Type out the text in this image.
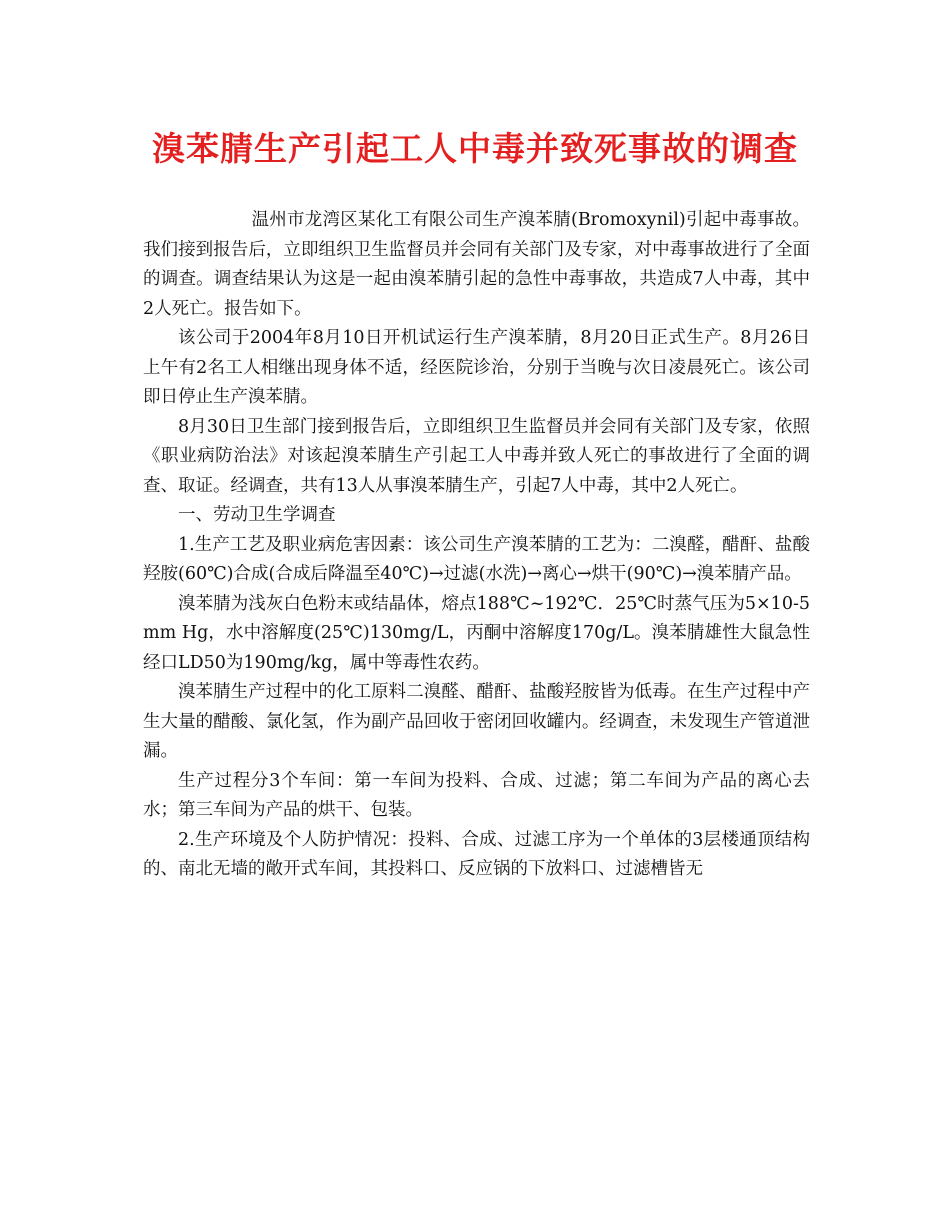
溴苯腈生产引起工人中毒并致死事故的调查

温州市龙湾区某化工有限公司生产溴苯腈(Bromoxynil)引起中毒事故。我们接到报告后，立即组织卫生监督员并会同有关部门及专家，对中毒事故进行了全面的调查。调查结果认为这是一起由溴苯腈引起的急性中毒事故，共造成7人中毒，其中2人死亡。报告如下。

该公司于2004年8月10日开机试运行生产溴苯腈，8月20日正式生产。8月26日上午有2名工人相继出现身体不适，经医院诊治，分别于当晚与次日凌晨死亡。该公司即日停止生产溴苯腈。

8月30日卫生部门接到报告后，立即组织卫生监督员并会同有关部门及专家，依照《职业病防治法》对该起溴苯腈生产引起工人中毒并致人死亡的事故进行了全面的调查、取证。经调查，共有13人从事溴苯腈生产，引起7人中毒，其中2人死亡。

一、劳动卫生学调查

1.生产工艺及职业病危害因素：该公司生产溴苯腈的工艺为：二溴醛，醋酐、盐酸羟胺(60℃)合成(合成后降温至40℃)→过滤(水洗)→离心→烘干(90℃)→溴苯腈产品。

溴苯腈为浅灰白色粉末或结晶体，熔点188℃~192℃．25℃时蒸气压为5×10-5mm Hg，水中溶解度(25℃)130mg/L，丙酮中溶解度170g/L。溴苯腈雄性大鼠急性经口LD50为190mg/kg，属中等毒性农药。

溴苯腈生产过程中的化工原料二溴醛、醋酐、盐酸羟胺皆为低毒。在生产过程中产生大量的醋酸、氯化氢，作为副产品回收于密闭回收罐内。经调查，未发现生产管道泄漏。

生产过程分3个车间：第一车间为投料、合成、过滤；第二车间为产品的离心去水；第三车间为产品的烘干、包装。

2.生产环境及个人防护情况：投料、合成、过滤工序为一个单体的3层楼通顶结构的、南北无墙的敞开式车间，其投料口、反应锅的下放料口、过滤槽皆无
